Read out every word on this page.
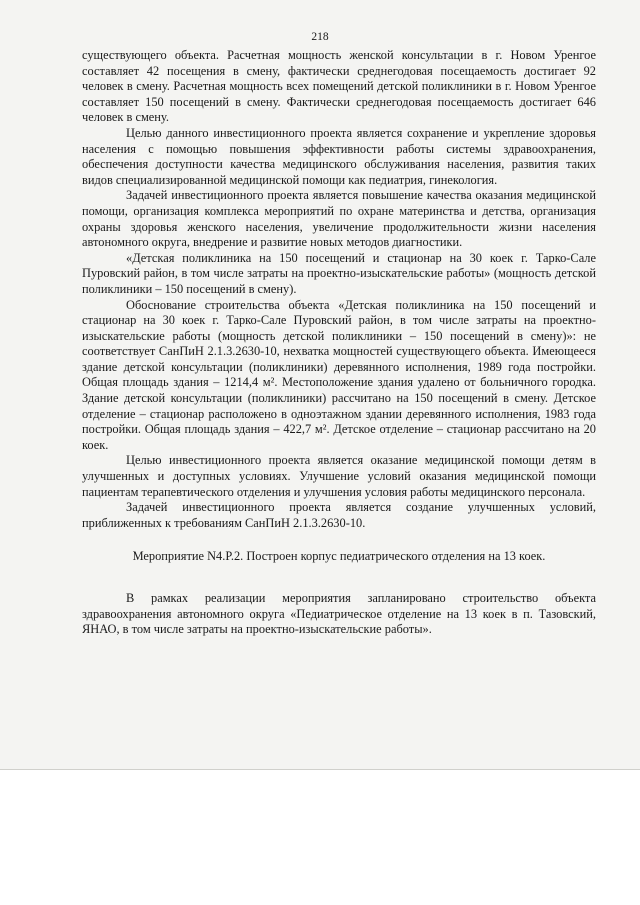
218

существующего объекта. Расчетная мощность женской консультации в г. Новом Уренгое составляет 42 посещения в смену, фактически среднегодовая посещаемость достигает 92 человек в смену. Расчетная мощность всех помещений детской поликлиники в г. Новом Уренгое составляет 150 посещений в смену. Фактически среднегодовая посещаемость достигает 646 человек в смену.

Целью данного инвестиционного проекта является сохранение и укрепление здоровья населения с помощью повышения эффективности работы системы здравоохранения, обеспечения доступности качества медицинского обслуживания населения, развития таких видов специализированной медицинской помощи как педиатрия, гинекология.

Задачей инвестиционного проекта является повышение качества оказания медицинской помощи, организация комплекса мероприятий по охране материнства и детства, организация охраны здоровья женского населения, увеличение продолжительности жизни населения автономного округа, внедрение и развитие новых методов диагностики.

«Детская поликлиника на 150 посещений и стационар на 30 коек г. Тарко-Сале Пуровский район, в том числе затраты на проектно-изыскательские работы» (мощность детской поликлиники – 150 посещений в смену).

Обоснование строительства объекта «Детская поликлиника на 150 посещений и стационар на 30 коек г. Тарко-Сале Пуровский район, в том числе затраты на проектно-изыскательские работы (мощность детской поликлиники – 150 посещений в смену)»: не соответствует СанПиН 2.1.3.2630-10, нехватка мощностей существующего объекта. Имеющееся здание детской консультации (поликлиники) деревянного исполнения, 1989 года постройки. Общая площадь здания – 1214,4 м². Местоположение здания удалено от больничного городка. Здание детской консультации (поликлиники) рассчитано на 150 посещений в смену. Детское отделение – стационар расположено в одноэтажном здании деревянного исполнения, 1983 года постройки. Общая площадь здания – 422,7 м². Детское отделение – стационар рассчитано на 20 коек.

Целью инвестиционного проекта является оказание медицинской помощи детям в улучшенных и доступных условиях. Улучшение условий оказания медицинской помощи пациентам терапевтического отделения и улучшения условия работы медицинского персонала.

Задачей инвестиционного проекта является создание улучшенных условий, приближенных к требованиям СанПиН 2.1.3.2630-10.

Мероприятие N4.P.2. Построен корпус педиатрического отделения на 13 коек.

В рамках реализации мероприятия запланировано строительство объекта здравоохранения автономного округа «Педиатрическое отделение на 13 коек в п. Тазовский, ЯНАО, в том числе затраты на проектно-изыскательские работы».
